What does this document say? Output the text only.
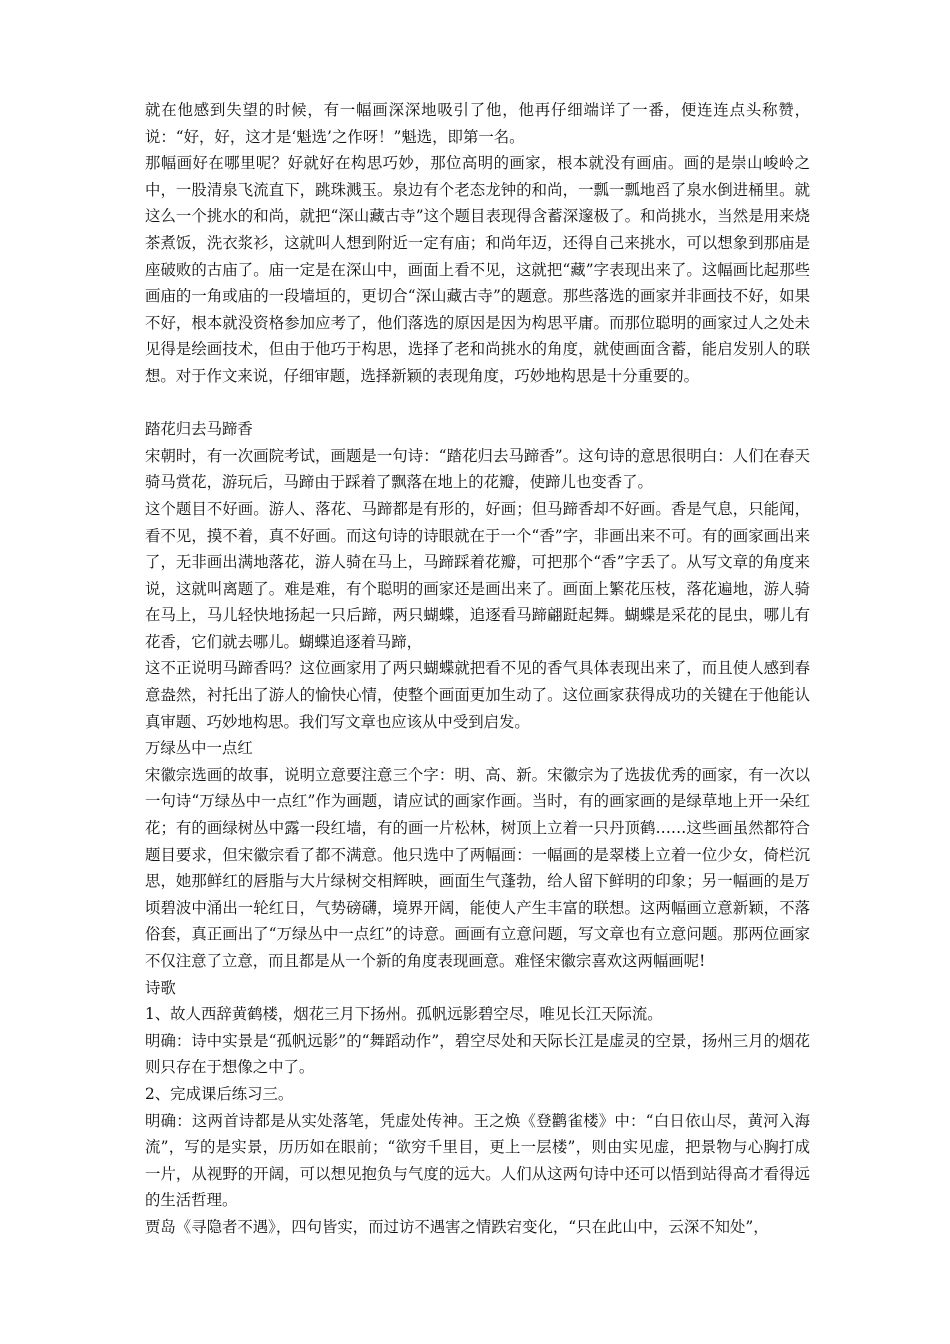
就在他感到失望的时候，有一幅画深深地吸引了他，他再仔细端详了一番，便连连点头称赞，说：“好，好，这才是‘魁选’之作呀！”魁选，即第一名。

那幅画好在哪里呢？好就好在构思巧妙，那位高明的画家，根本就没有画庙。画的是崇山峻岭之中，一股清泉飞流直下，跳珠溅玉。泉边有个老态龙钟的和尚，一瓢一瓢地舀了泉水倒进桶里。就这么一个挑水的和尚，就把“深山藏古寺”这个题目表现得含蓄深邃极了。和尚挑水，当然是用来烧茶煮饭，洗衣浆衫，这就叫人想到附近一定有庙；和尚年迈，还得自己来挑水，可以想象到那庙是座破败的古庙了。庙一定是在深山中，画面上看不见，这就把“藏”字表现出来了。这幅画比起那些画庙的一角或庙的一段墙垣的，更切合“深山藏古寺”的题意。那些落选的画家并非画技不好，如果不好，根本就没资格参加应考了，他们落选的原因是因为构思平庸。而那位聪明的画家过人之处未见得是绘画技术，但由于他巧于构思，选择了老和尚挑水的角度，就使画面含蓄，能启发别人的联想。对于作文来说，仔细审题，选择新颖的表现角度，巧妙地构思是十分重要的。

踏花归去马蹄香

宋朝时，有一次画院考试，画题是一句诗：“踏花归去马蹄香”。这句诗的意思很明白：人们在春天骑马赏花，游玩后，马蹄由于踩着了飘落在地上的花瓣，使蹄儿也变香了。

这个题目不好画。游人、落花、马蹄都是有形的，好画；但马蹄香却不好画。香是气息，只能闻，看不见，摸不着，真不好画。而这句诗的诗眼就在于一个“香”字，非画出来不可。有的画家画出来了，无非画出满地落花，游人骑在马上，马蹄踩着花瓣，可把那个“香”字丢了。从写文章的角度来说，这就叫离题了。难是难，有个聪明的画家还是画出来了。画面上繁花压枝，落花遍地，游人骑在马上，马儿轻快地扬起一只后蹄，两只蝴蝶，追逐看马蹄翩跹起舞。蝴蝶是采花的昆虫，哪儿有花香，它们就去哪儿。蝴蝶追逐着马蹄，

这不正说明马蹄香吗？这位画家用了两只蝴蝶就把看不见的香气具体表现出来了，而且使人感到春意盎然，衬托出了游人的愉快心情，使整个画面更加生动了。这位画家获得成功的关键在于他能认真审题、巧妙地构思。我们写文章也应该从中受到启发。

万绿丛中一点红

宋徽宗选画的故事，说明立意要注意三个字：明、高、新。宋徽宗为了选拔优秀的画家，有一次以一句诗“万绿丛中一点红”作为画题，请应试的画家作画。当时，有的画家画的是绿草地上开一朵红花；有的画绿树丛中露一段红墙，有的画一片松林，树顶上立着一只丹顶鹤……这些画虽然都符合题目要求，但宋徽宗看了都不满意。他只选中了两幅画：一幅画的是翠楼上立着一位少女，倚栏沉思，她那鲜红的唇脂与大片绿树交相辉映，画面生气蓬勃，给人留下鲜明的印象；另一幅画的是万顷碧波中涌出一轮红日，气势磅礴，境界开阔，能使人产生丰富的联想。这两幅画立意新颖，不落俗套，真正画出了“万绿丛中一点红”的诗意。画画有立意问题，写文章也有立意问题。那两位画家不仅注意了立意，而且都是从一个新的角度表现画意。难怪宋徽宗喜欢这两幅画呢!

诗歌

1、故人西辞黄鹤楼，烟花三月下扬州。孤帆远影碧空尽，唯见长江天际流。

明确：诗中实景是“孤帆远影”的“舞蹈动作”，碧空尽处和天际长江是虚灵的空景，扬州三月的烟花则只存在于想像之中了。

2、完成课后练习三。

明确：这两首诗都是从实处落笔，凭虚处传神。王之焕《登鹳雀楼》中：“白日依山尽，黄河入海流”，写的是实景，历历如在眼前；“欲穷千里目，更上一层楼”，则由实见虚，把景物与心胸打成一片，从视野的开阔，可以想见抱负与气度的远大。人们从这两句诗中还可以悟到站得高才看得远的生活哲理。

贾岛《寻隐者不遇》，四句皆实，而过访不遇害之情跌宕变化，“只在此山中，云深不知处”，
